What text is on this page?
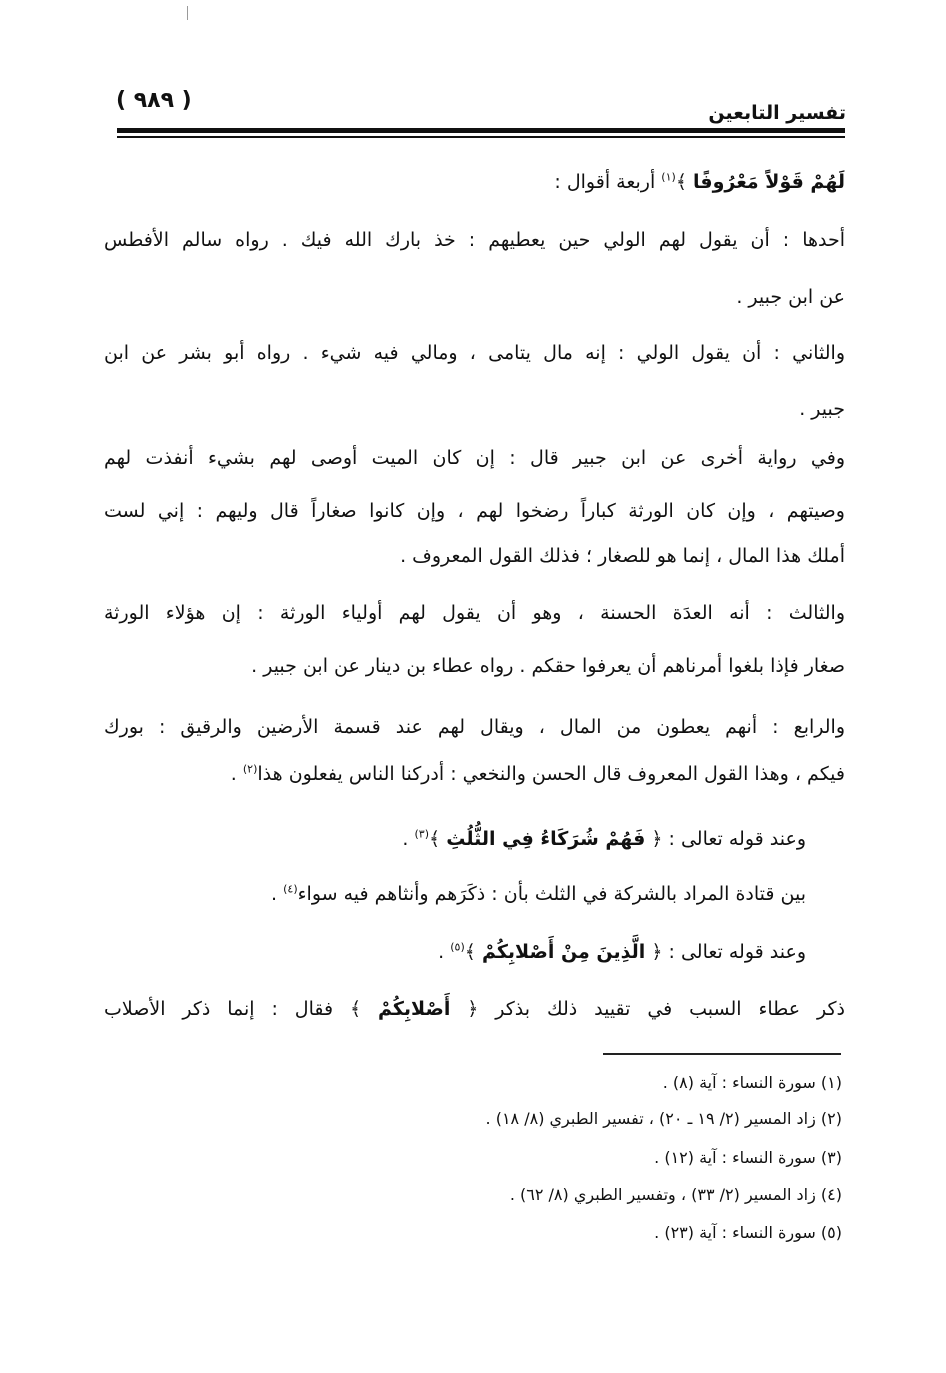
( ٩٨٩ )	تفسير التابعين
لَهُمْ قَوْلاً مَعْرُوفًا ﴾$^{(١)}$ أربعة أقوال :
أحدها : أن يقول لهم الولي حين يعطيهم : خذ بارك الله فيك . رواه سالم الأفطس
عن ابن جبير .
والثاني : أن يقول الولي : إنه مال يتامى ، ومالي فيه شيء . رواه أبو بشر عن ابن
جبير .
وفي رواية أخرى عن ابن جبير قال : إن كان الميت أوصى لهم بشيء أنفذت لهم
وصيتهم ، وإن كان الورثة كباراً رضخوا لهم ، وإن كانوا صغاراً قال وليهم : إني لست
أملك هذا المال ، إنما هو للصغار ؛ فذلك القول المعروف .
والثالث : أنه العدَة الحسنة ، وهو أن يقول لهم أولياء الورثة : إن هؤلاء الورثة
صغار فإذا بلغوا أمرناهم أن يعرفوا حقكم . رواه عطاء بن دينار عن ابن جبير .
والرابع : أنهم يعطون من المال ، ويقال لهم عند قسمة الأرضين والرقيق : بورك
فيكم ، وهذا القول المعروف قال الحسن والنخعي : أدركنا الناس يفعلون هذا$^{(٢)}$ .
وعند قوله تعالى : ﴿ فَهُمْ شُرَكَاءُ فِي الثُّلُثِ ﴾$^{(٣)}$ .
بين قتادة المراد بالشركة في الثلث بأن : ذكَرَهم وأنثاهم فيه سواء$^{(٤)}$ .
وعند قوله تعالى : ﴿ الَّذِينَ مِنْ أَصْلابِكُمْ ﴾$^{(٥)}$ .
ذكر عطاء السبب في تقييد ذلك بذكر ﴿ أَصْلابِكُمْ ﴾ فقال : إنما ذكر الأصلاب
(١) سورة النساء : آية (٨) .
(٢) زاد المسير (٢/ ١٩ ـ ٢٠) ، تفسير الطبري (٨/ ١٨) .
(٣) سورة النساء : آية (١٢) .
(٤) زاد المسير (٢/ ٣٣) ، وتفسير الطبري (٨/ ٦٢) .
(٥) سورة النساء : آية (٢٣) .
